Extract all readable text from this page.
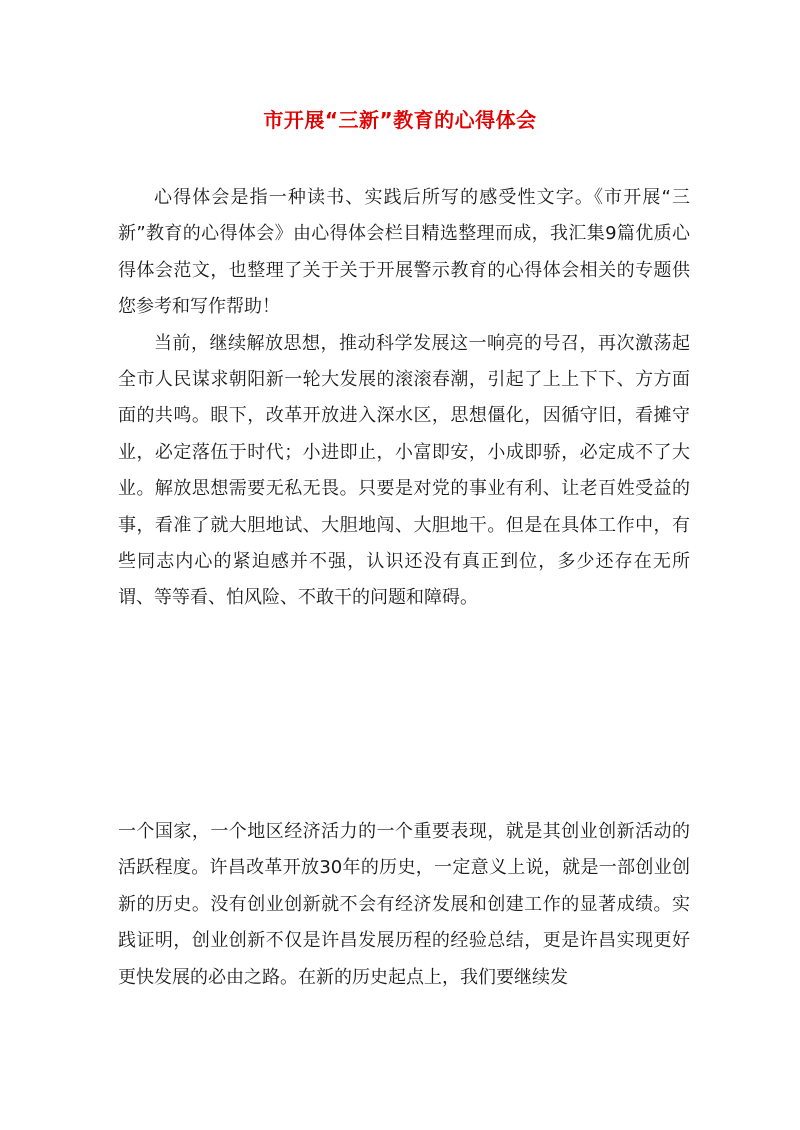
市开展“三新”教育的心得体会

心得体会是指一种读书、实践后所写的感受性文字。《市开展“三新”教育的心得体会》由心得体会栏目精选整理而成，我汇集9篇优质心得体会范文，也整理了关于关于开展警示教育的心得体会相关的专题供您参考和写作帮助！

当前，继续解放思想，推动科学发展这一响亮的号召，再次激荡起全市人民谋求朝阳新一轮大发展的滚滚春潮，引起了上上下下、方方面面的共鸣。眼下，改革开放进入深水区，思想僵化，因循守旧，看摊守业，必定落伍于时代；小进即止，小富即安，小成即骄，必定成不了大业。解放思想需要无私无畏。只要是对党的事业有利、让老百姓受益的事，看准了就大胆地试、大胆地闯、大胆地干。但是在具体工作中，有些同志内心的紧迫感并不强，认识还没有真正到位，多少还存在无所谓、等等看、怕风险、不敢干的问题和障碍。

一个国家，一个地区经济活力的一个重要表现，就是其创业创新活动的活跃程度。许昌改革开放30年的历史，一定意义上说，就是一部创业创新的历史。没有创业创新就不会有经济发展和创建工作的显著成绩。实践证明，创业创新不仅是许昌发展历程的经验总结，更是许昌实现更好更快发展的必由之路。在新的历史起点上，我们要继续发
